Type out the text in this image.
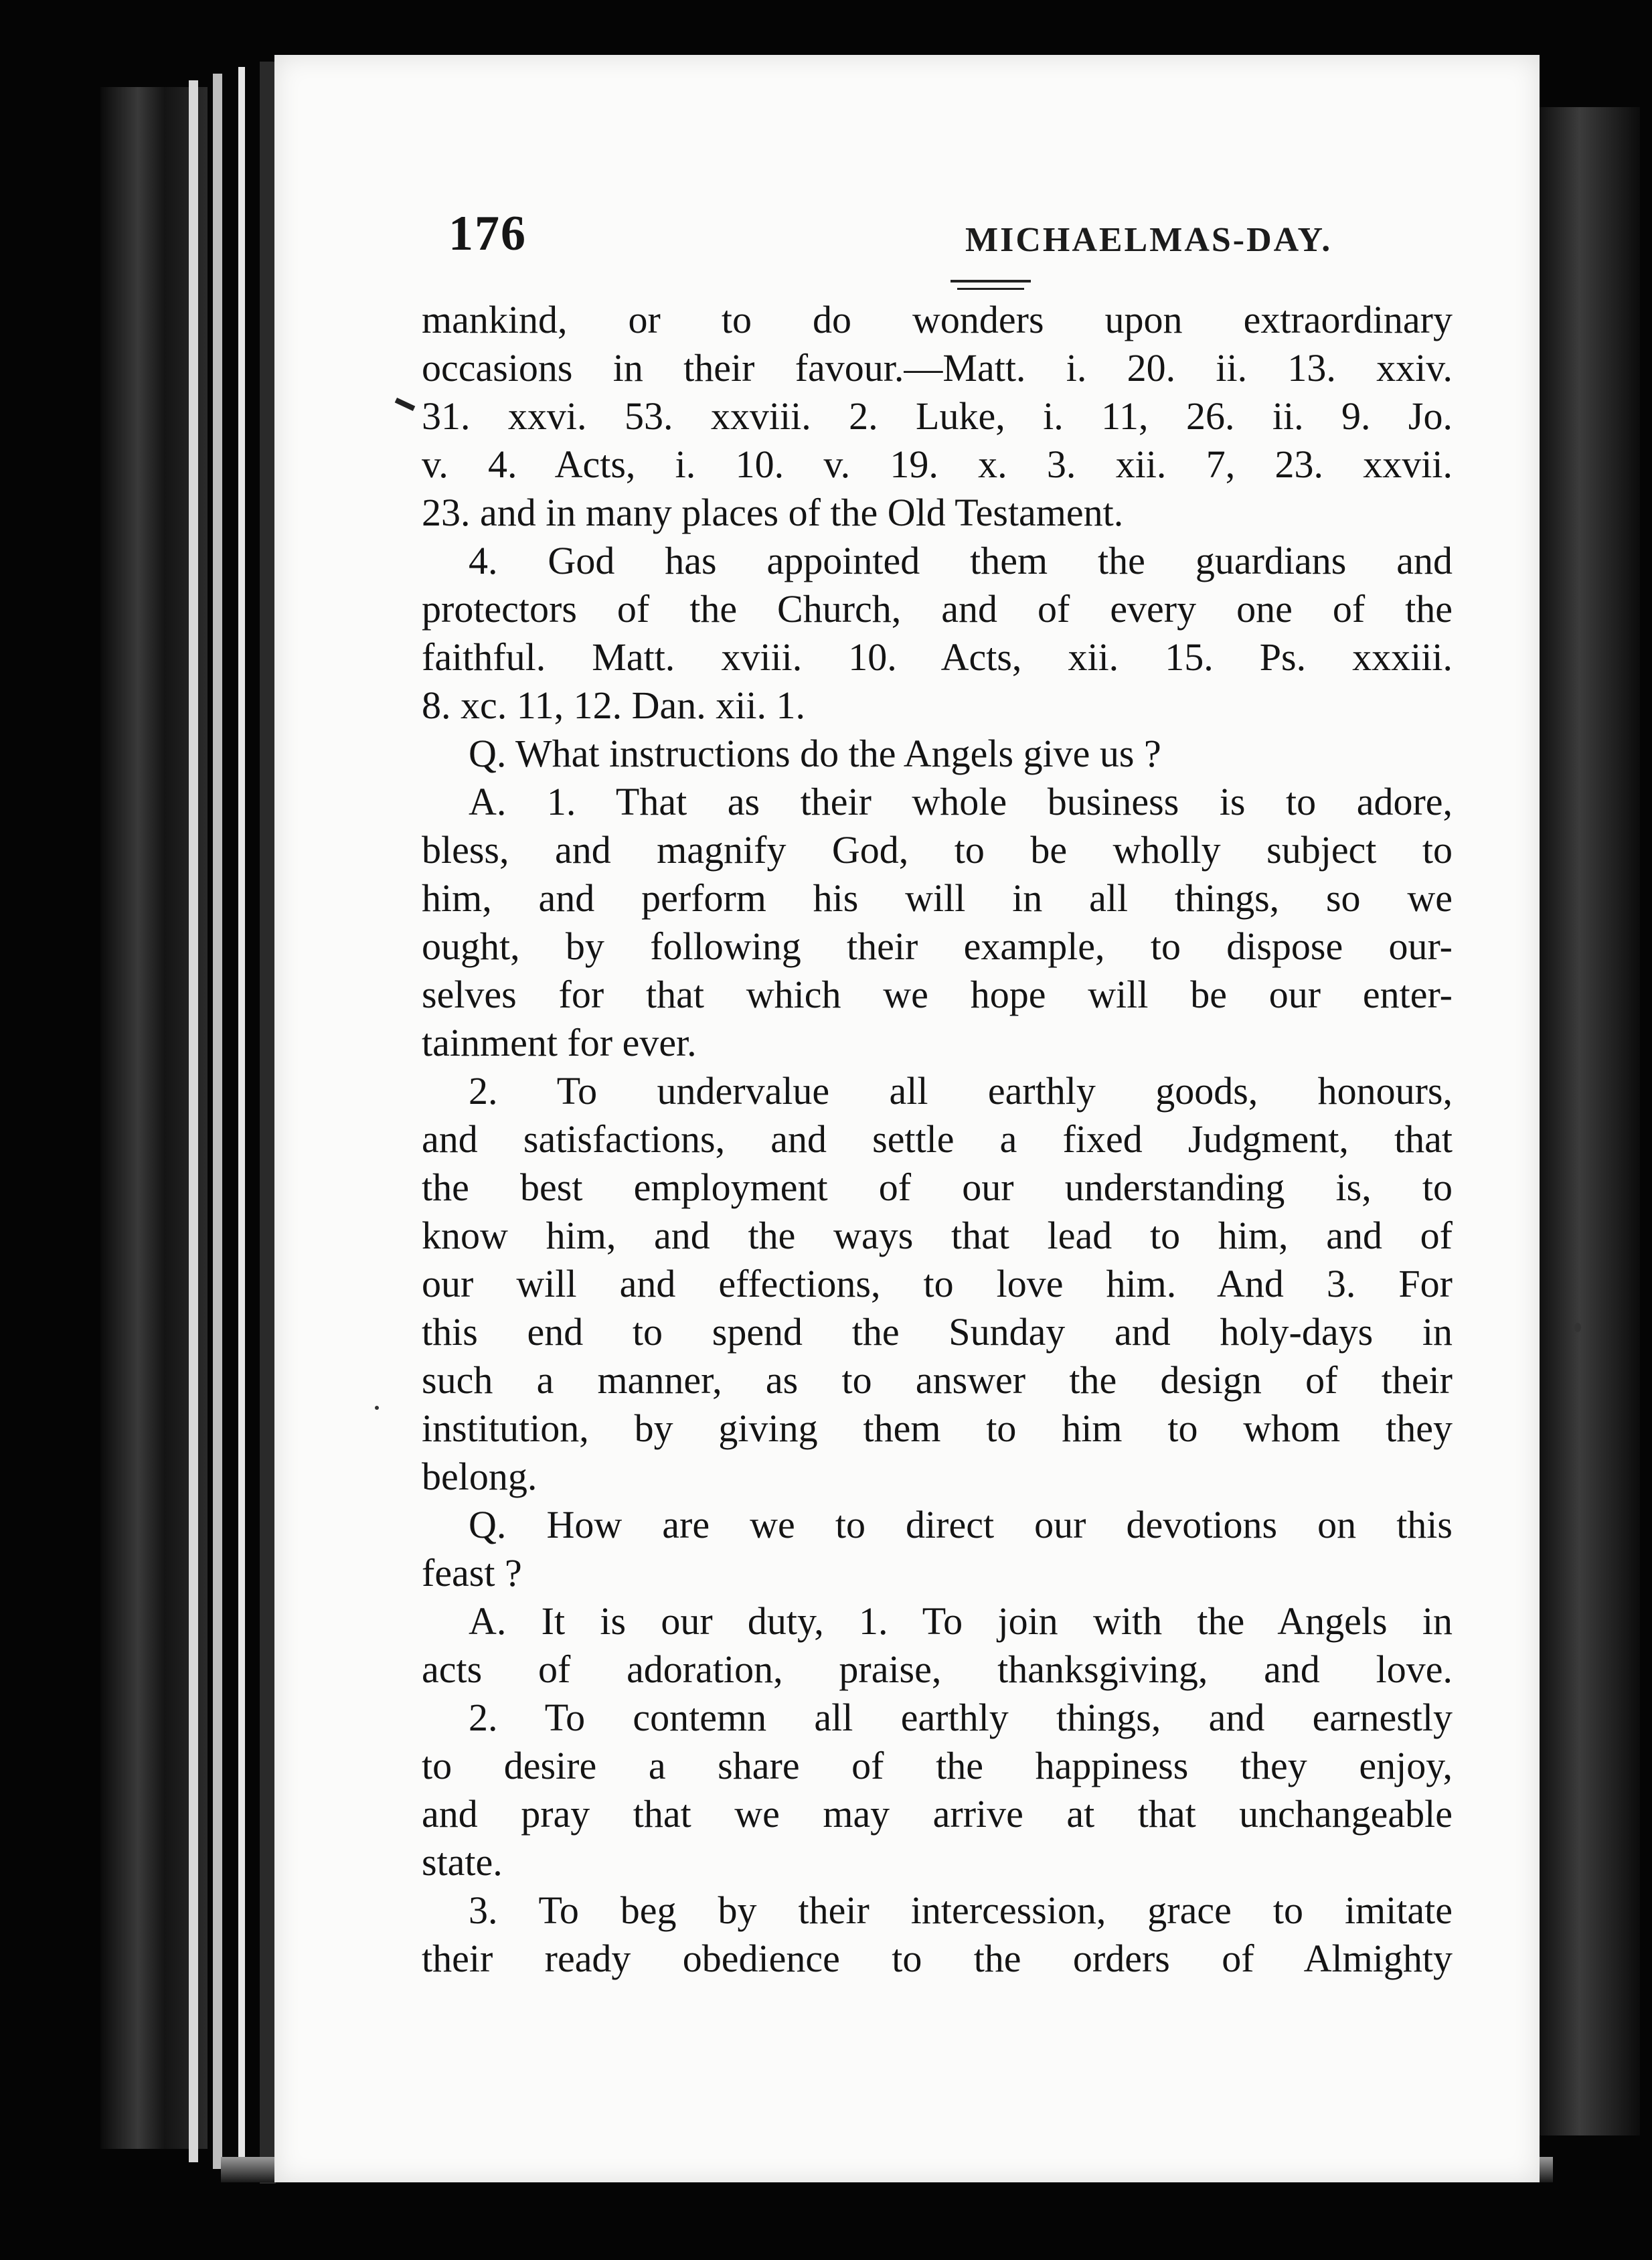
176	MICHAELMAS-DAY.
mankind, or to do wonders upon extraordinary
occasions in their favour.—Matt. i. 20. ii. 13. xxiv.
31. xxvi. 53. xxviii. 2. Luke, i. 11, 26. ii. 9. Jo.
v. 4. Acts, i. 10. v. 19. x. 3. xii. 7, 23. xxvii.
23. and in many places of the Old Testament.
4. God has appointed them the guardians and
protectors of the Church, and of every one of the
faithful. Matt. xviii. 10. Acts, xii. 15. Ps. xxxiii.
8. xc. 11, 12. Dan. xii. 1.
Q. What instructions do the Angels give us ?
A. 1. That as their whole business is to adore,
bless, and magnify God, to be wholly subject to
him, and perform his will in all things, so we
ought, by following their example, to dispose our-
selves for that which we hope will be our enter-
tainment for ever.
2. To undervalue all earthly goods, honours,
and satisfactions, and settle a fixed Judgment, that
the best employment of our understanding is, to
know him, and the ways that lead to him, and of
our will and effections, to love him. And 3. For
this end to spend the Sunday and holy-days in
such a manner, as to answer the design of their
institution, by giving them to him to whom they
belong.
Q. How are we to direct our devotions on this
feast ?
A. It is our duty, 1. To join with the Angels in
acts of adoration, praise, thanksgiving, and love.
2. To contemn all earthly things, and earnestly
to desire a share of the happiness they enjoy,
and pray that we may arrive at that unchangeable
state.
3. To beg by their intercession, grace to imitate
their ready obedience to the orders of Almighty
